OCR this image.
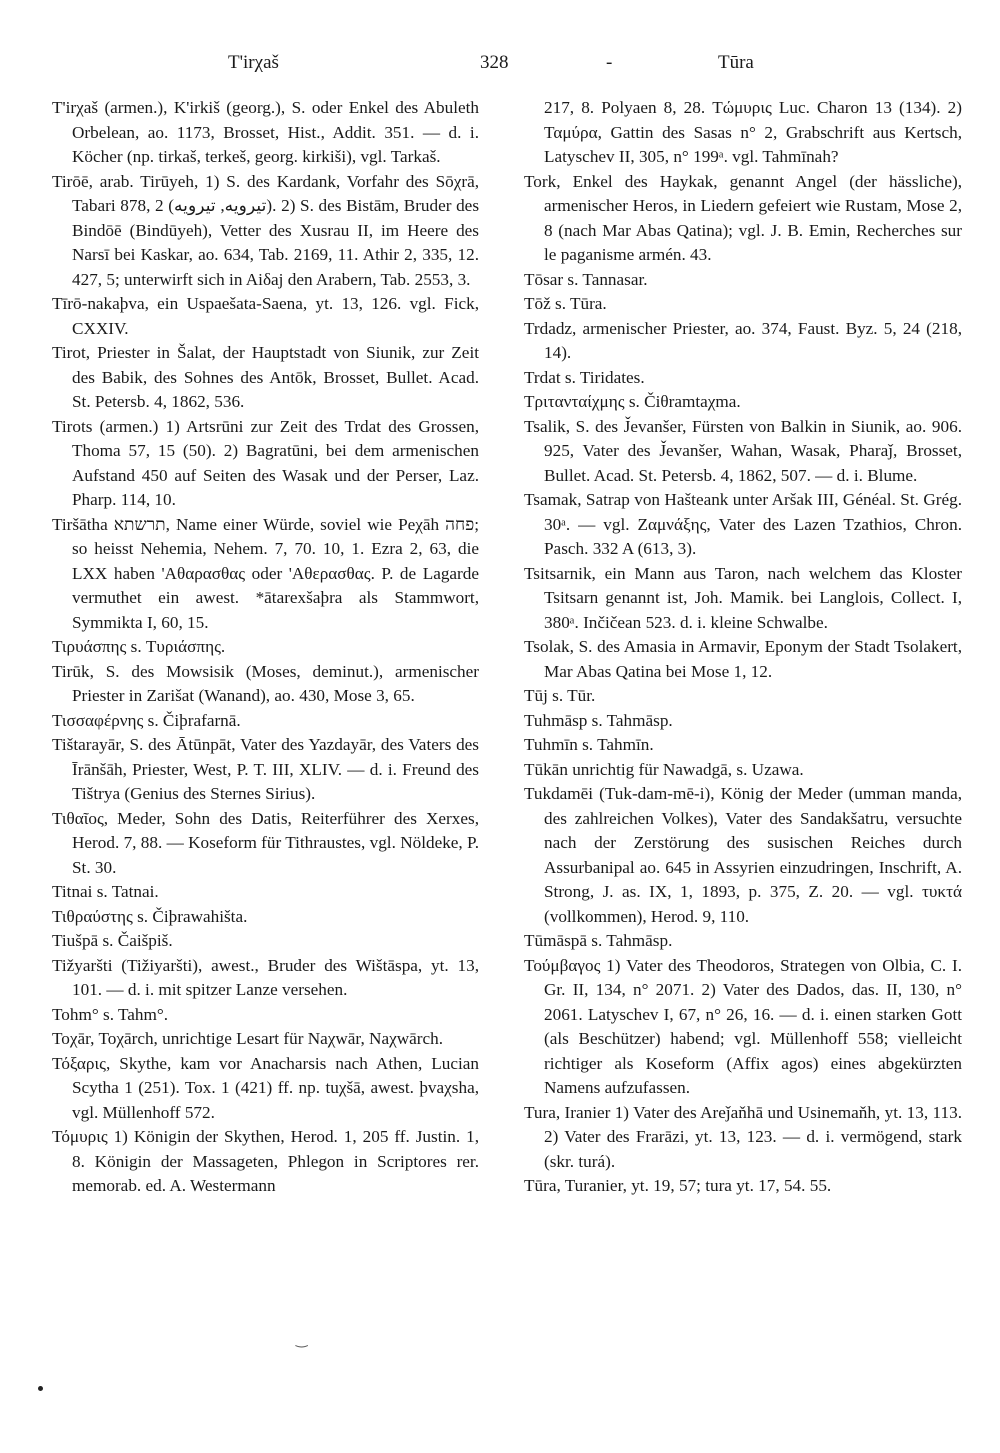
T'irχaš	328	-	Tūra

T'irχaš (armen.), K'irkiš (georg.), S. oder Enkel des Abuleth Orbelean, ao. 1173, Brosset, Hist., Addit. 351. — d. i. Köcher (np. tirkaš, terkeš, georg. kirkiši), vgl. Tarkaš.

Tirōē, arab. Tirūyeh, 1) S. des Kardank, Vorfahr des Sōχrā, Tabari 878, 2 (تيرويه, تيرويه). 2) S. des Bistām, Bruder des Bindōē (Bindūyeh), Vetter des Xusrau II, im Heere des Narsī bei Kaskar, ao. 634, Tab. 2169, 11. Athir 2, 335, 12. 427, 5; unterwirft sich in Aiδaj den Arabern, Tab. 2553, 3.

Tīrō-nakaþva, ein Uspaešata-Saena, yt. 13, 126. vgl. Fick, CXXIV.

Tirot, Priester in Šalat, der Hauptstadt von Siunik, zur Zeit des Babik, des Sohnes des Antōk, Brosset, Bullet. Acad. St. Petersb. 4, 1862, 536.

Tirots (armen.) 1) Artsrūni zur Zeit des Trdat des Grossen, Thoma 57, 15 (50). 2) Bagratūni, bei dem armenischen Aufstand 450 auf Seiten des Wasak und der Perser, Laz. Pharp. 114, 10.

Tiršātha תרשתא, Name einer Würde, soviel wie Peχāh פחה; so heisst Nehemia, Nehem. 7, 70. 10, 1. Ezra 2, 63, die LXX haben 'Αθαρασθας oder 'Αθερασθας. P. de Lagarde vermuthet ein awest. *ātarexšaþra als Stammwort, Symmikta I, 60, 15.

Τιρυάσπης s. Τυριάσπης.

Tirūk, S. des Mowsisik (Moses, deminut.), armenischer Priester in Zarišat (Wanand), ao. 430, Mose 3, 65.

Τισσαφέρνης s. Čiþrafarnā.

Tištarayār, S. des Ātūnpāt, Vater des Yazdayār, des Vaters des Īrānšāh, Priester, West, P. T. III, XLIV. — d. i. Freund des Tištrya (Genius des Sternes Sirius).

Τιθαῖος, Meder, Sohn des Datis, Reiterführer des Xerxes, Herod. 7, 88. — Koseform für Tithraustes, vgl. Nöldeke, P. St. 30.

Titnai s. Tatnai.

Τιθραύστης s. Čiþrawahišta.

Tiušpā s. Čaišpiš.

Tižyaršti (Tižiyaršti), awest., Bruder des Wištāspa, yt. 13, 101. — d. i. mit spitzer Lanze versehen.

Tohm° s. Tahm°.

Toχār, Toχārch, unrichtige Lesart für Naχwār, Naχwārch.

Τόξαρις, Skythe, kam vor Anacharsis nach Athen, Lucian Scytha 1 (251). Tox. 1 (421) ff. np. tuχšā, awest. þvaχsha, vgl. Müllenhoff 572.

Τόμυρις 1) Königin der Skythen, Herod. 1, 205 ff. Justin. 1, 8. Königin der Massageten, Phlegon in Scriptores rer. memorab. ed. A. Westermann

217, 8. Polyaen 8, 28. Τώμυρις Luc. Charon 13 (134). 2) Ταμύρα, Gattin des Sasas n° 2, Grabschrift aus Kertsch, Latyschev II, 305, n° 199ᵃ. vgl. Tahmīnah?

Tork, Enkel des Haykak, genannt Angel (der hässliche), armenischer Heros, in Liedern gefeiert wie Rustam, Mose 2, 8 (nach Mar Abas Qatina); vgl. J. B. Emin, Recherches sur le paganisme armén. 43.

Tōsar s. Tannasar.

Tōž s. Tūra.

Trdadz, armenischer Priester, ao. 374, Faust. Byz. 5, 24 (218, 14).

Trdat s. Tiridates.

Τριτανταίχμης s. Čiθramtaχma.

Tsalik, S. des J̌evanšer, Fürsten von Balkin in Siunik, ao. 906. 925, Vater des J̌evanšer, Wahan, Wasak, Pharaǰ, Brosset, Bullet. Acad. St. Petersb. 4, 1862, 507. — d. i. Blume.

Tsamak, Satrap von Hašteank unter Aršak III, Généal. St. Grég. 30ᵃ. — vgl. Ζαμνάξης, Vater des Lazen Tzathios, Chron. Pasch. 332 A (613, 3).

Tsitsarnik, ein Mann aus Taron, nach welchem das Kloster Tsitsarn genannt ist, Joh. Mamik. bei Langlois, Collect. I, 380ᵃ. Inčičean 523. d. i. kleine Schwalbe.

Tsolak, S. des Amasia in Armavir, Eponym der Stadt Tsolakert, Mar Abas Qatina bei Mose 1, 12.

Tūj s. Tūr.

Tuhmāsp s. Tahmāsp.

Tuhmīn s. Tahmīn.

Tūkān unrichtig für Nawadgā, s. Uzawa.

Tukdamēi (Tuk-dam-mē-i), König der Meder (umman manda, des zahlreichen Volkes), Vater des Sandakšatru, versuchte nach der Zerstörung des susischen Reiches durch Assurbanipal ao. 645 in Assyrien einzudringen, Inschrift, A. Strong, J. as. IX, 1, 1893, p. 375, Z. 20. — vgl. τυκτά (vollkommen), Herod. 9, 110.

Tūmāspā s. Tahmāsp.

Τούμβαγος 1) Vater des Theodoros, Strategen von Olbia, C. I. Gr. II, 134, n° 2071. 2) Vater des Dados, das. II, 130, n° 2061. Latyschev I, 67, n° 26, 16. — d. i. einen starken Gott (als Beschützer) habend; vgl. Müllenhoff 558; vielleicht richtiger als Koseform (Affix agos) eines abgekürzten Namens aufzufassen.

Tura, Iranier 1) Vater des Areǰaňhā und Usinemaňh, yt. 13, 113. 2) Vater des Frarāzi, yt. 13, 123. — d. i. vermögend, stark (skr. turá).

Tūra, Turanier, yt. 19, 57; tura yt. 17, 54. 55.

‿
